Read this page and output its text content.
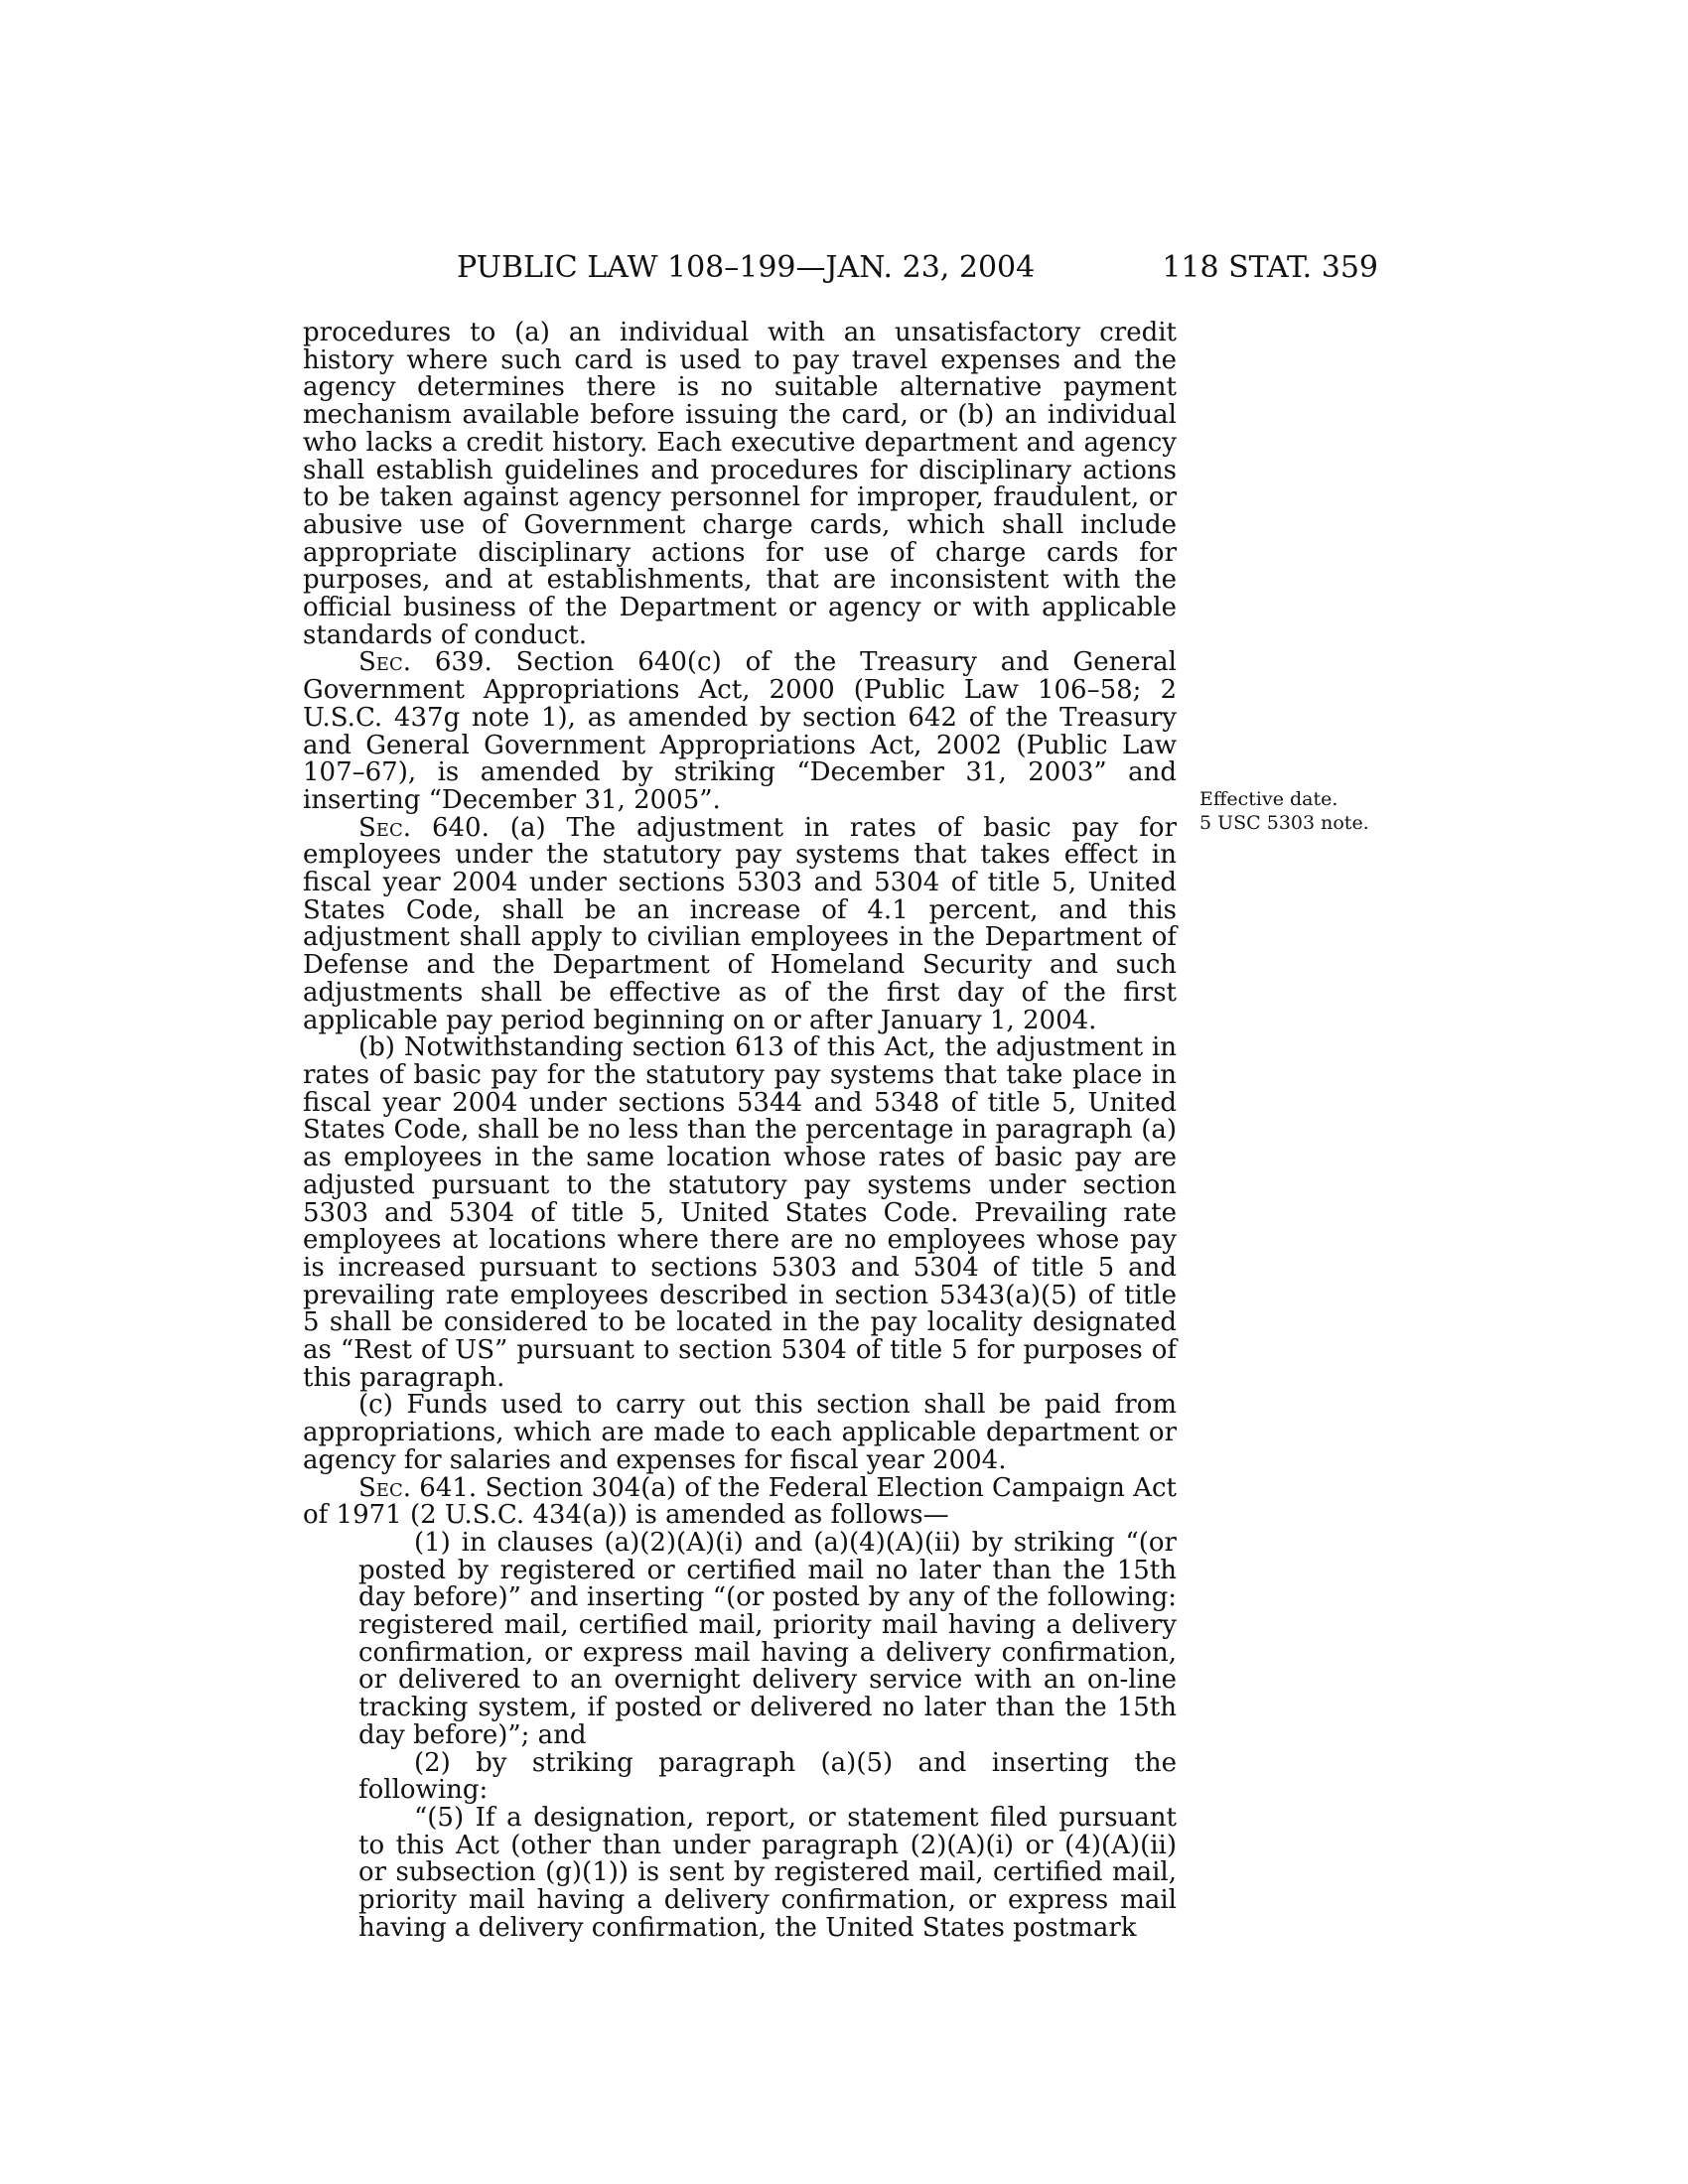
PUBLIC LAW 108–199—JAN. 23, 2004	118 STAT. 359
Effective date.
5 USC 5303 note.

procedures to (a) an individual with an unsatisfactory credit history where such card is used to pay travel expenses and the agency determines there is no suitable alternative payment mechanism available before issuing the card, or (b) an individual who lacks a credit history. Each executive department and agency shall establish guidelines and procedures for disciplinary actions to be taken against agency personnel for improper, fraudulent, or abusive use of Government charge cards, which shall include appropriate disciplinary actions for use of charge cards for purposes, and at establishments, that are inconsistent with the official business of the Department or agency or with applicable standards of conduct.

Sec. 639. Section 640(c) of the Treasury and General Government Appropriations Act, 2000 (Public Law 106–58; 2 U.S.C. 437g note 1), as amended by section 642 of the Treasury and General Government Appropriations Act, 2002 (Public Law 107–67), is amended by striking “December 31, 2003” and inserting “December 31, 2005”.

Sec. 640. (a) The adjustment in rates of basic pay for employees under the statutory pay systems that takes effect in fiscal year 2004 under sections 5303 and 5304 of title 5, United States Code, shall be an increase of 4.1 percent, and this adjustment shall apply to civilian employees in the Department of Defense and the Department of Homeland Security and such adjustments shall be effective as of the first day of the first applicable pay period beginning on or after January 1, 2004.

(b) Notwithstanding section 613 of this Act, the adjustment in rates of basic pay for the statutory pay systems that take place in fiscal year 2004 under sections 5344 and 5348 of title 5, United States Code, shall be no less than the percentage in paragraph (a) as employees in the same location whose rates of basic pay are adjusted pursuant to the statutory pay systems under section 5303 and 5304 of title 5, United States Code. Prevailing rate employees at locations where there are no employees whose pay is increased pursuant to sections 5303 and 5304 of title 5 and prevailing rate employees described in section 5343(a)(5) of title 5 shall be considered to be located in the pay locality designated as “Rest of US” pursuant to section 5304 of title 5 for purposes of this paragraph.

(c) Funds used to carry out this section shall be paid from appropriations, which are made to each applicable department or agency for salaries and expenses for fiscal year 2004.

Sec. 641. Section 304(a) of the Federal Election Campaign Act of 1971 (2 U.S.C. 434(a)) is amended as follows—

(1) in clauses (a)(2)(A)(i) and (a)(4)(A)(ii) by striking “(or posted by registered or certified mail no later than the 15th day before)” and inserting “(or posted by any of the following: registered mail, certified mail, priority mail having a delivery confirmation, or express mail having a delivery confirmation, or delivered to an overnight delivery service with an on-line tracking system, if posted or delivered no later than the 15th day before)”; and

(2) by striking paragraph (a)(5) and inserting the following:

“(5) If a designation, report, or statement filed pursuant to this Act (other than under paragraph (2)(A)(i) or (4)(A)(ii) or subsection (g)(1)) is sent by registered mail, certified mail, priority mail having a delivery confirmation, or express mail having a delivery confirmation, the United States postmark
